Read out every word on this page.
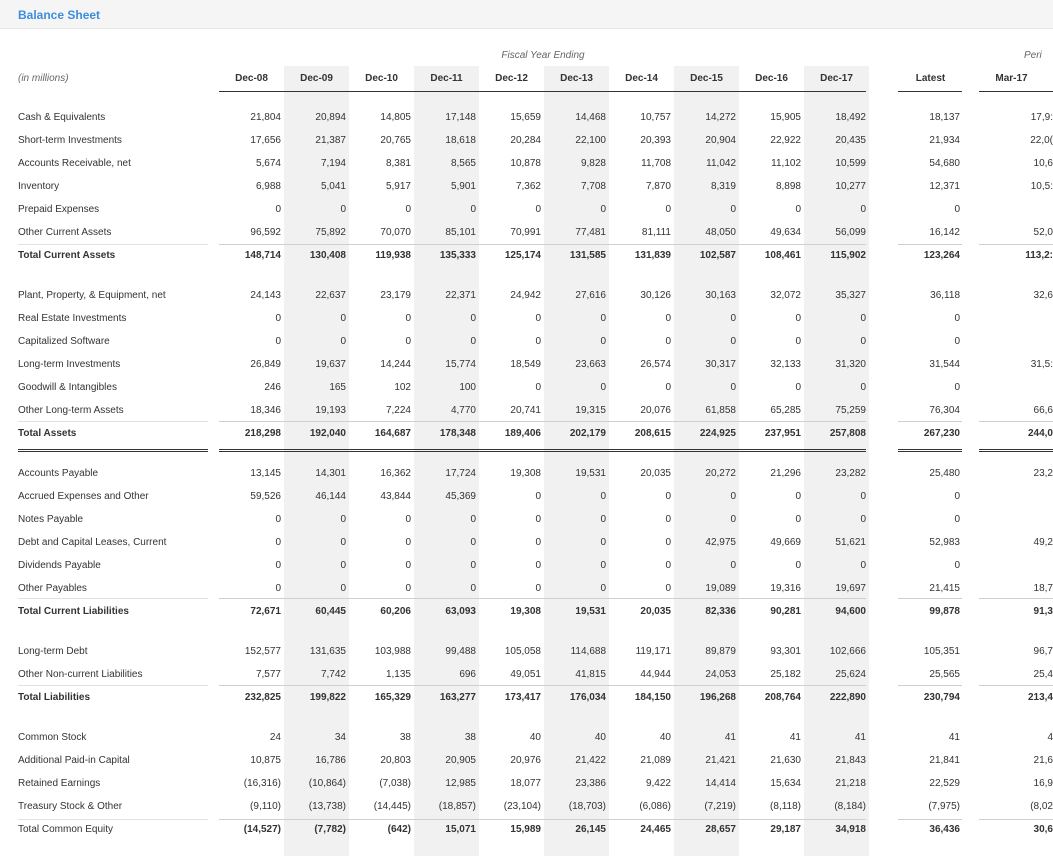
Balance Sheet
Fiscal Year Ending	Peri
(in millions)	Dec-08	Dec-09	Dec-10	Dec-11	Dec-12	Dec-13	Dec-14	Dec-15	Dec-16	Dec-17	Latest	Mar-17
Cash & Equivalents	21,804	20,894	14,805	17,148	15,659	14,468	10,757	14,272	15,905	18,492	18,137	17,9:
Short-term Investments	17,656	21,387	20,765	18,618	20,284	22,100	20,393	20,904	22,922	20,435	21,934	22,0(
Accounts Receivable, net	5,674	7,194	8,381	8,565	10,878	9,828	11,708	11,042	11,102	10,599	54,680	10,6
Inventory	6,988	5,041	5,917	5,901	7,362	7,708	7,870	8,319	8,898	10,277	12,371	10,5:
Prepaid Expenses	0	0	0	0	0	0	0	0	0	0	0
Other Current Assets	96,592	75,892	70,070	85,101	70,991	77,481	81,111	48,050	49,634	56,099	16,142	52,0
Total Current Assets	148,714	130,408	119,938	135,333	125,174	131,585	131,839	102,587	108,461	115,902	123,264	113,2:
Plant, Property, & Equipment, net	24,143	22,637	23,179	22,371	24,942	27,616	30,126	30,163	32,072	35,327	36,118	32,6
Real Estate Investments	0	0	0	0	0	0	0	0	0	0	0
Capitalized Software	0	0	0	0	0	0	0	0	0	0	0
Long-term Investments	26,849	19,637	14,244	15,774	18,549	23,663	26,574	30,317	32,133	31,320	31,544	31,5:
Goodwill & Intangibles	246	165	102	100	0	0	0	0	0	0	0
Other Long-term Assets	18,346	19,193	7,224	4,770	20,741	19,315	20,076	61,858	65,285	75,259	76,304	66,6
Total Assets	218,298	192,040	164,687	178,348	189,406	202,179	208,615	224,925	237,951	257,808	267,230	244,0
Accounts Payable	13,145	14,301	16,362	17,724	19,308	19,531	20,035	20,272	21,296	23,282	25,480	23,2
Accrued Expenses and Other	59,526	46,144	43,844	45,369	0	0	0	0	0	0	0
Notes Payable	0	0	0	0	0	0	0	0	0	0	0
Debt and Capital Leases, Current	0	0	0	0	0	0	0	42,975	49,669	51,621	52,983	49,2
Dividends Payable	0	0	0	0	0	0	0	0	0	0	0
Other Payables	0	0	0	0	0	0	0	19,089	19,316	19,697	21,415	18,7
Total Current Liabilities	72,671	60,445	60,206	63,093	19,308	19,531	20,035	82,336	90,281	94,600	99,878	91,3
Long-term Debt	152,577	131,635	103,988	99,488	105,058	114,688	119,171	89,879	93,301	102,666	105,351	96,7
Other Non-current Liabilities	7,577	7,742	1,135	696	49,051	41,815	44,944	24,053	25,182	25,624	25,565	25,4
Total Liabilities	232,825	199,822	165,329	163,277	173,417	176,034	184,150	196,268	208,764	222,890	230,794	213,4
Common Stock	24	34	38	38	40	40	40	41	41	41	41	4
Additional Paid-in Capital	10,875	16,786	20,803	20,905	20,976	21,422	21,089	21,421	21,630	21,843	21,841	21,6
Retained Earnings	(16,316)	(10,864)	(7,038)	12,985	18,077	23,386	9,422	14,414	15,634	21,218	22,529	16,9
Treasury Stock & Other	(9,110)	(13,738)	(14,445)	(18,857)	(23,104)	(18,703)	(6,086)	(7,219)	(8,118)	(8,184)	(7,975)	(8,02
Total Common Equity	(14,527)	(7,782)	(642)	15,071	15,989	26,145	24,465	28,657	29,187	34,918	36,436	30,6
